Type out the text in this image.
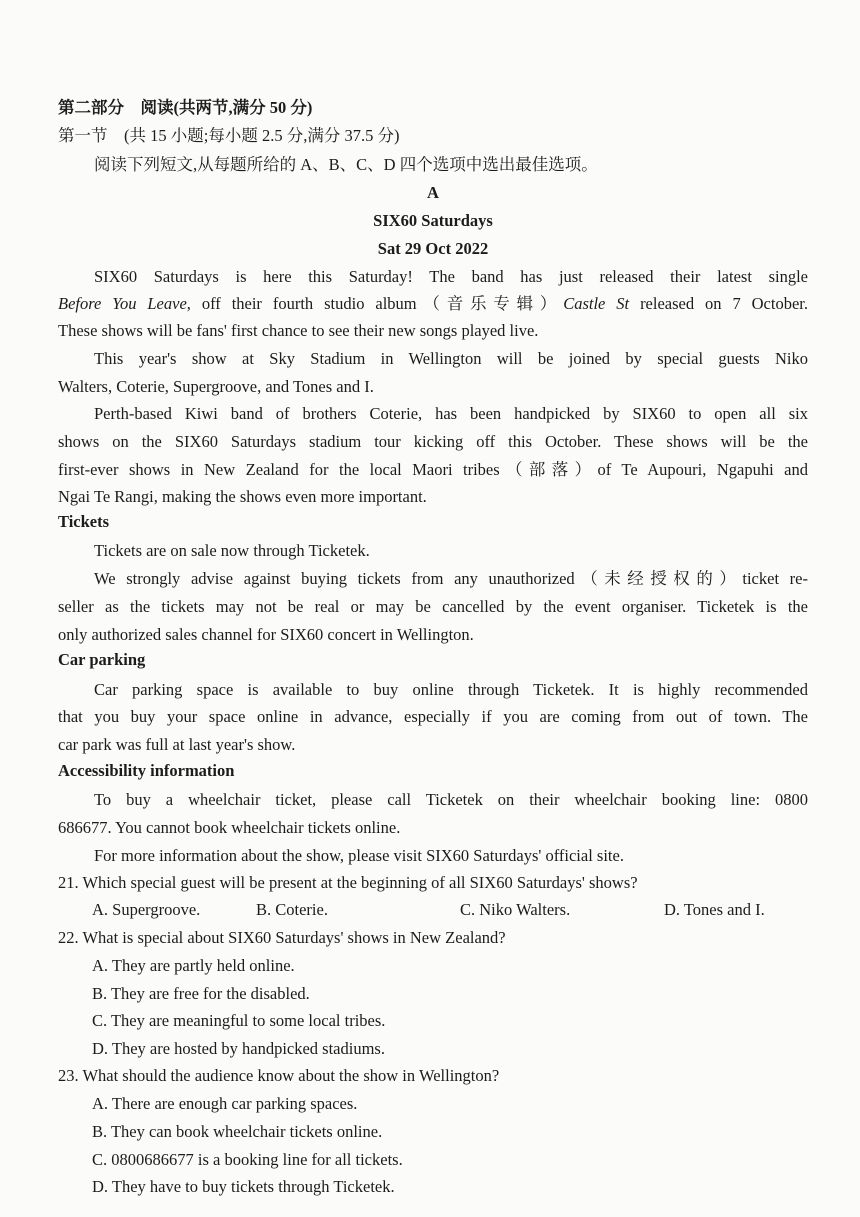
第二部分　阅读(共两节,满分 50 分)
第一节　(共 15 小题;每小题 2.5 分,满分 37.5 分)
阅读下列短文,从每题所给的 A、B、C、D 四个选项中选出最佳选项。
A
SIX60 Saturdays
Sat 29 Oct 2022
SIX60 Saturdays is here this Saturday! The band has just released their latest single
Before You Leave, off their fourth studio album（音乐专辑）Castle St released on 7 October.
These shows will be fans' first chance to see their new songs played live.
This year's show at Sky Stadium in Wellington will be joined by special guests Niko
Walters, Coterie, Supergroove, and Tones and I.
Perth-based Kiwi band of brothers Coterie, has been handpicked by SIX60 to open all six
shows on the SIX60 Saturdays stadium tour kicking off this October. These shows will be the
first-ever shows in New Zealand for the local Maori tribes（部落）of Te Aupouri, Ngapuhi and
Ngai Te Rangi, making the shows even more important.
Tickets
Tickets are on sale now through Ticketek.
We strongly advise against buying tickets from any unauthorized（未经授权的）ticket re-
seller as the tickets may not be real or may be cancelled by the event organiser. Ticketek is the
only authorized sales channel for SIX60 concert in Wellington.
Car parking
Car parking space is available to buy online through Ticketek. It is highly recommended
that you buy your space online in advance, especially if you are coming from out of town. The
car park was full at last year's show.
Accessibility information
To buy a wheelchair ticket, please call Ticketek on their wheelchair booking line: 0800
686677. You cannot book wheelchair tickets online.
For more information about the show, please visit SIX60 Saturdays' official site.
21. Which special guest will be present at the beginning of all SIX60 Saturdays' shows?
A. Supergroove.	B. Coterie.	C. Niko Walters.	D. Tones and I.
22. What is special about SIX60 Saturdays' shows in New Zealand?
A. They are partly held online.
B. They are free for the disabled.
C. They are meaningful to some local tribes.
D. They are hosted by handpicked stadiums.
23. What should the audience know about the show in Wellington?
A. There are enough car parking spaces.
B. They can book wheelchair tickets online.
C. 0800686677 is a booking line for all tickets.
D. They have to buy tickets through Ticketek.
